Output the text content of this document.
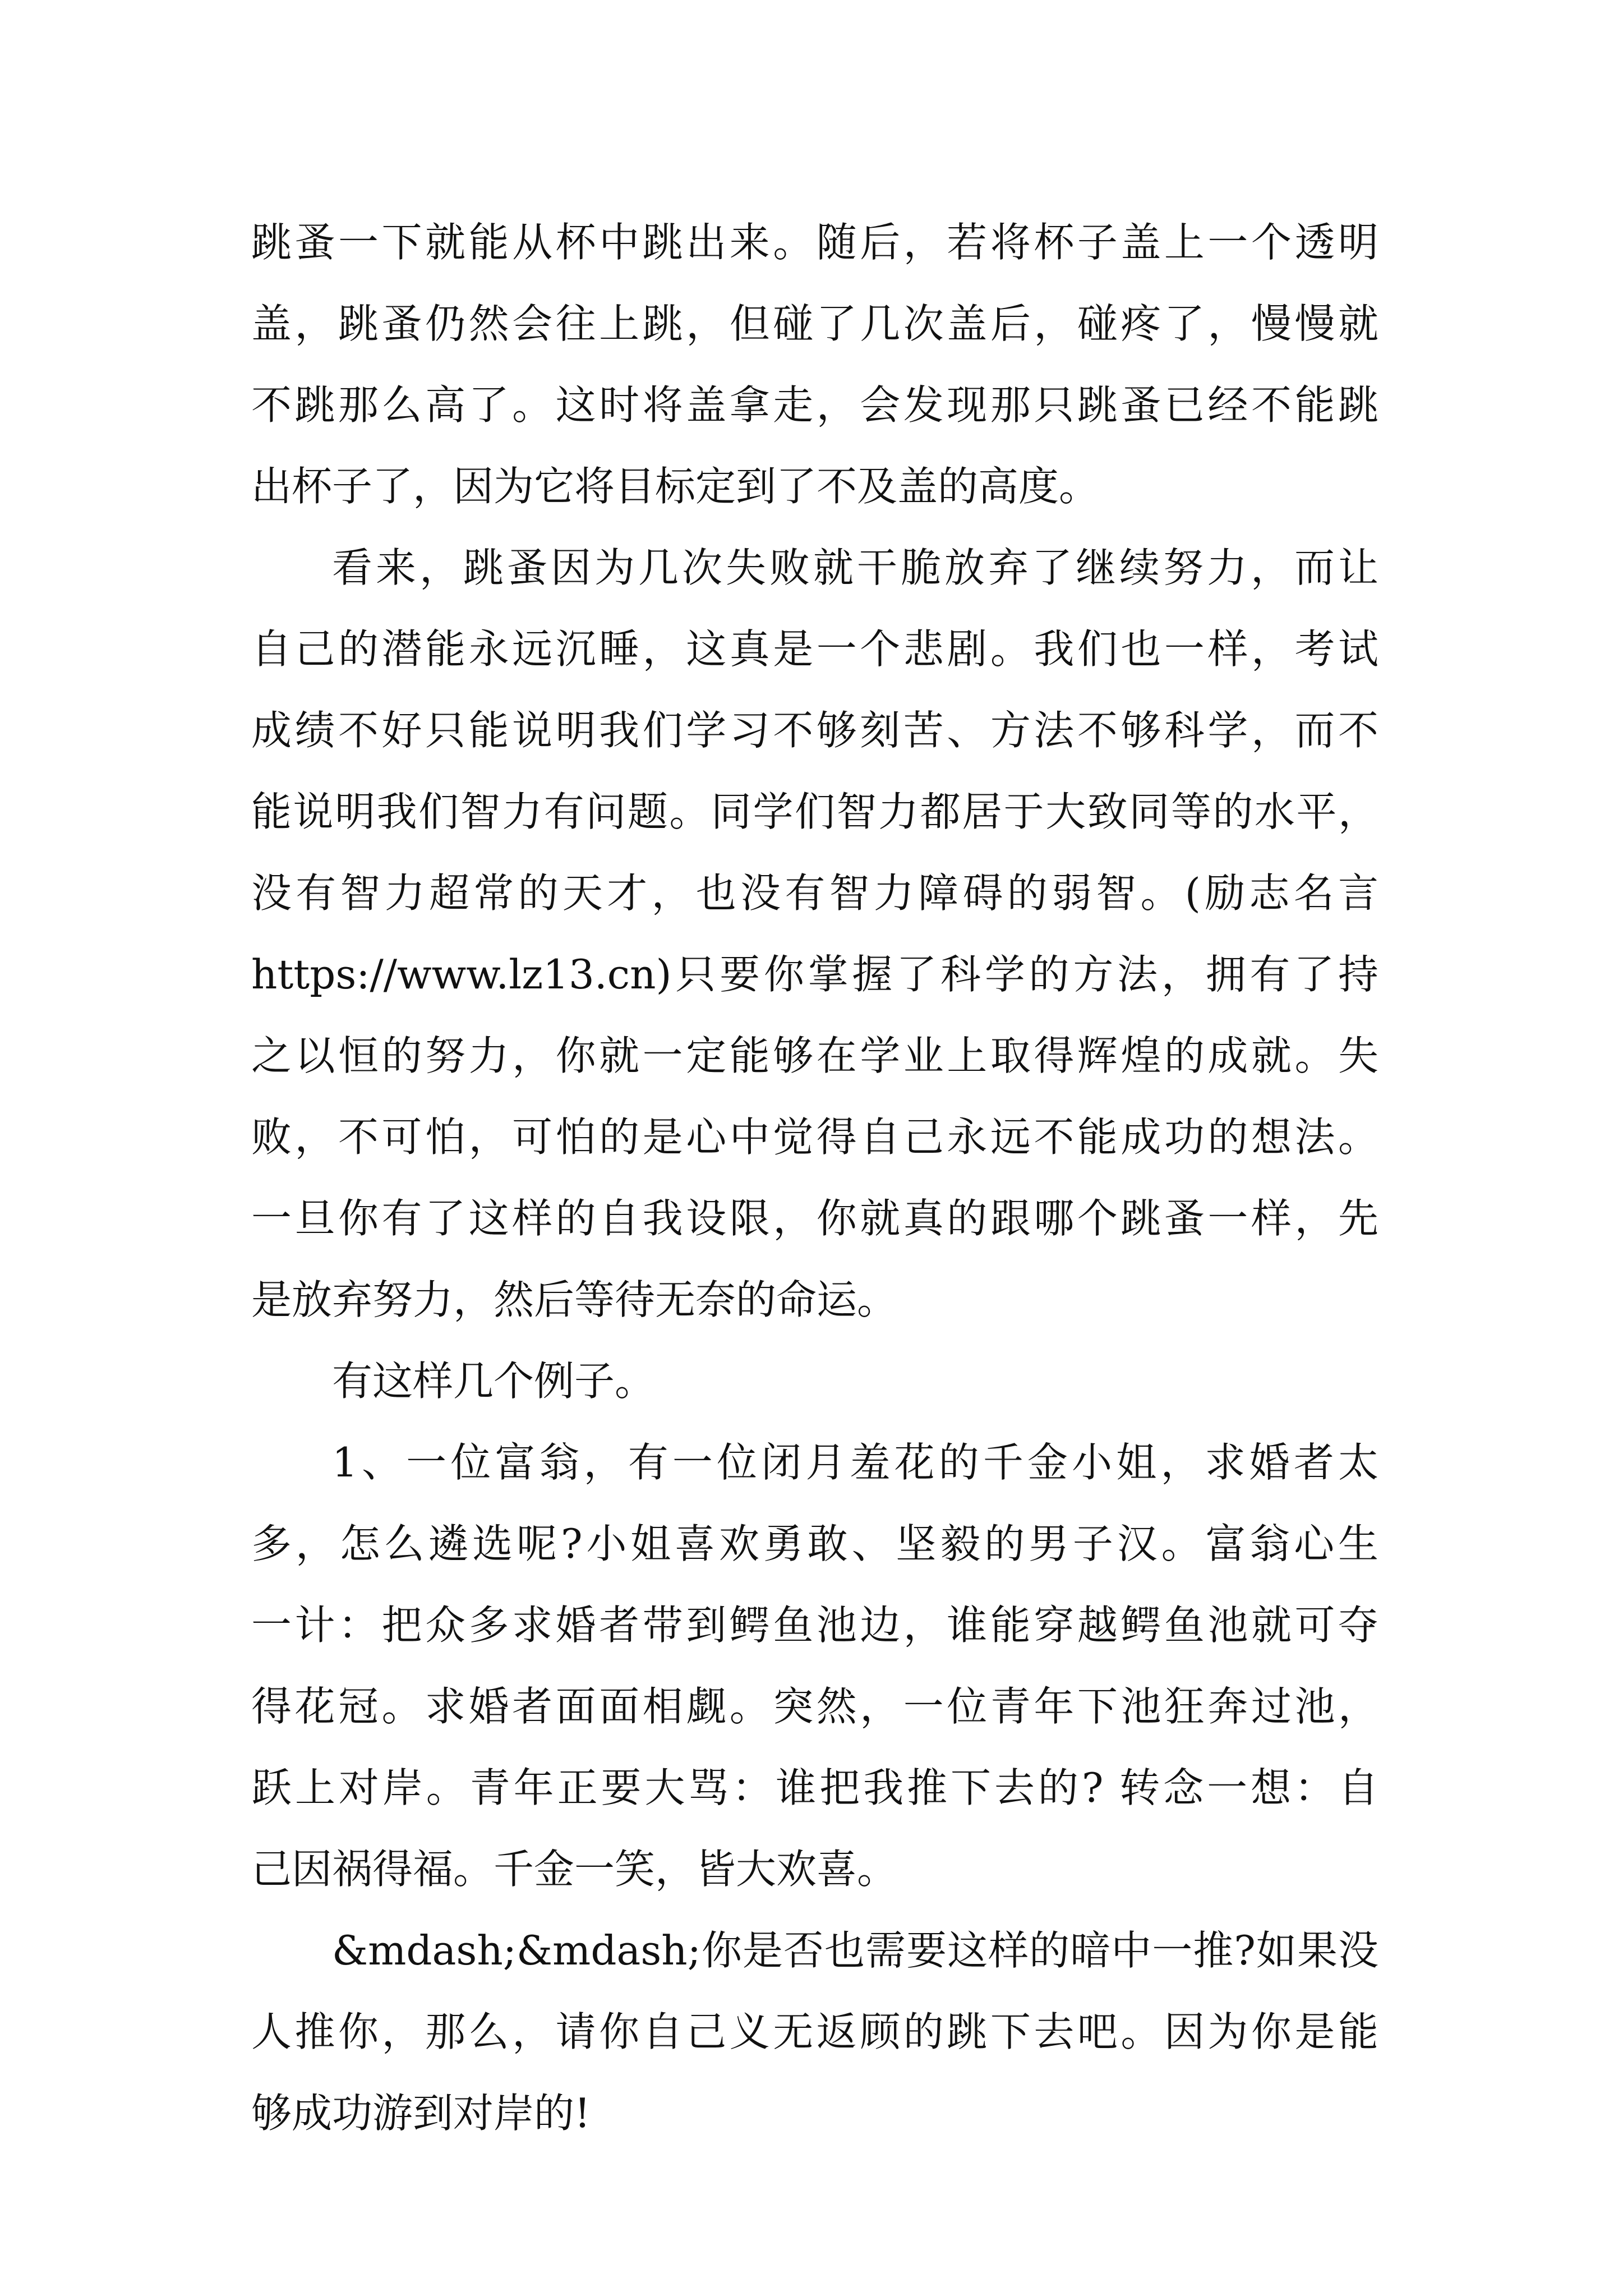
跳蚤一下就能从杯中跳出来。随后，若将杯子盖上一个透明
盖，跳蚤仍然会往上跳，但碰了几次盖后，碰疼了，慢慢就
不跳那么高了。这时将盖拿走，会发现那只跳蚤已经不能跳
出杯子了，因为它将目标定到了不及盖的高度。
看来，跳蚤因为几次失败就干脆放弃了继续努力，而让
自己的潜能永远沉睡，这真是一个悲剧。我们也一样，考试
成绩不好只能说明我们学习不够刻苦、方法不够科学，而不
能说明我们智力有问题。同学们智力都居于大致同等的水平，
没有智力超常的天才，也没有智力障碍的弱智。(励志名言
https://www.lz13.cn)只要你掌握了科学的方法，拥有了持
之以恒的努力，你就一定能够在学业上取得辉煌的成就。失
败，不可怕，可怕的是心中觉得自己永远不能成功的想法。
一旦你有了这样的自我设限，你就真的跟哪个跳蚤一样，先
是放弃努力，然后等待无奈的命运。
有这样几个例子。
1、一位富翁，有一位闭月羞花的千金小姐，求婚者太
多，怎么遴选呢?小姐喜欢勇敢、坚毅的男子汉。富翁心生
一计：把众多求婚者带到鳄鱼池边，谁能穿越鳄鱼池就可夺
得花冠。求婚者面面相觑。突然，一位青年下池狂奔过池，
跃上对岸。青年正要大骂：谁把我推下去的? 转念一想：自
己因祸得福。千金一笑，皆大欢喜。
&mdash;&mdash;你是否也需要这样的暗中一推?如果没
人推你，那么，请你自己义无返顾的跳下去吧。因为你是能
够成功游到对岸的!
